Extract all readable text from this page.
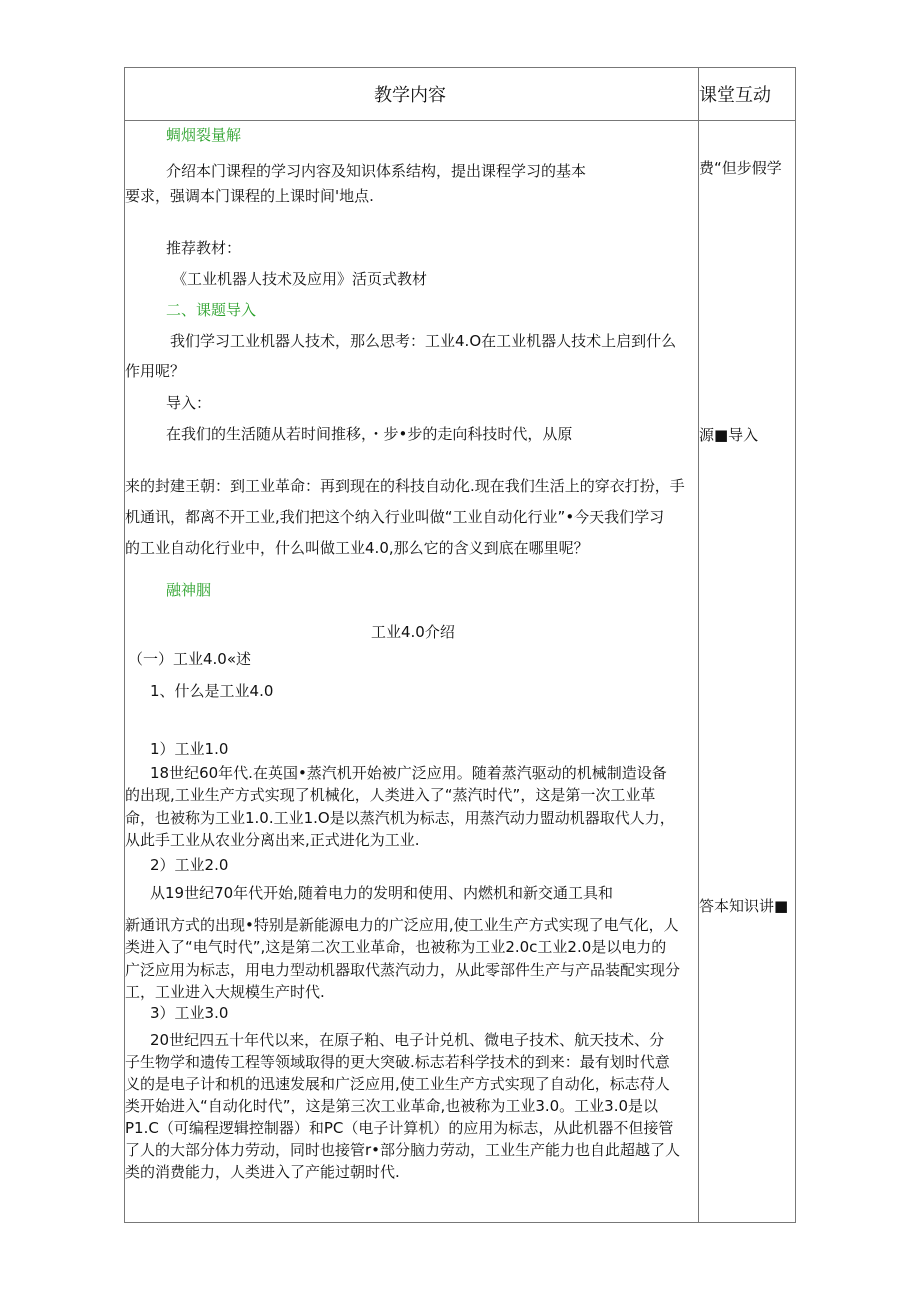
教学内容	课堂互动
蜩烟裂量解
介绍本门课程的学习内容及知识体系结构，提出课程学习的基本
要求，强调本门课程的上课时间'地点.
推荐教材：
《工业机器人技术及应用》活页式教材
二、课题导入
我们学习工业机器人技术，那么思考：工业4.O在工业机器人技术上启到什么
作用呢？
导入：
在我们的生活随从若时间推移，・步•步的走向科技时代，从原
来的封建王朝：到工业革命：再到现在的科技自动化.现在我们生活上的穿衣打扮，手
机通讯，都离不开工业,我们把这个纳入行业叫做“工业自动化行业”•今天我们学习
的工业自动化行业中，什么叫做工业4.0,那么它的含义到底在哪里呢？
融神胭
工业4.0介绍
（一）工业4.0«述
1、什么是工业4.0
1）工业1.0
18世纪60年代.在英国•蒸汽机开始被广泛应用。随着蒸汽驱动的机械制造设备
的出现,工业生产方式实现了机械化，人类进入了“蒸汽时代”，这是第一次工业革
命，也被称为工业1.0.工业1.O是以蒸汽机为标志，用蒸汽动力盟动机器取代人力，
从此手工业从农业分离出来,正式进化为工业.
2）工业2.0
从19世纪70年代开始,随着电力的发明和使用、内燃机和新交通工具和
新通讯方式的出现•特别是新能源电力的广泛应用,使工业生产方式实现了电气化，人
类进入了“电气时代”,这是第二次工业革命，也被称为工业2.0c工业2.0是以电力的
广泛应用为标志，用电力型动机器取代蒸汽动力，从此零部件生产与产品装配实现分
工，工业进入大规模生产时代.
3）工业3.0
20世纪四五十年代以来，在原子粕、电子计兑机、微电子技术、航天技术、分
子生物学和遗传工程等领域取得的更大突破.标志若科学技术的到来：最有划时代意
义的是电子计和机的迅速发展和广泛应用,使工业生产方式实现了自动化，标志苻人
类开始进入“自动化时代”，这是第三次工业革命,也被称为工业3.0。工业3.0是以
P1.C（可编程逻辑控制器）和PC（电子计算机）的应用为标志，从此机器不但接管
了人的大部分体力劳动，同时也接管r•部分脑力劳动，工业生产能力也自此超越了人
类的消费能力，人类进入了产能过朝时代.
费“但步假学
源■导入
答本知识讲■
